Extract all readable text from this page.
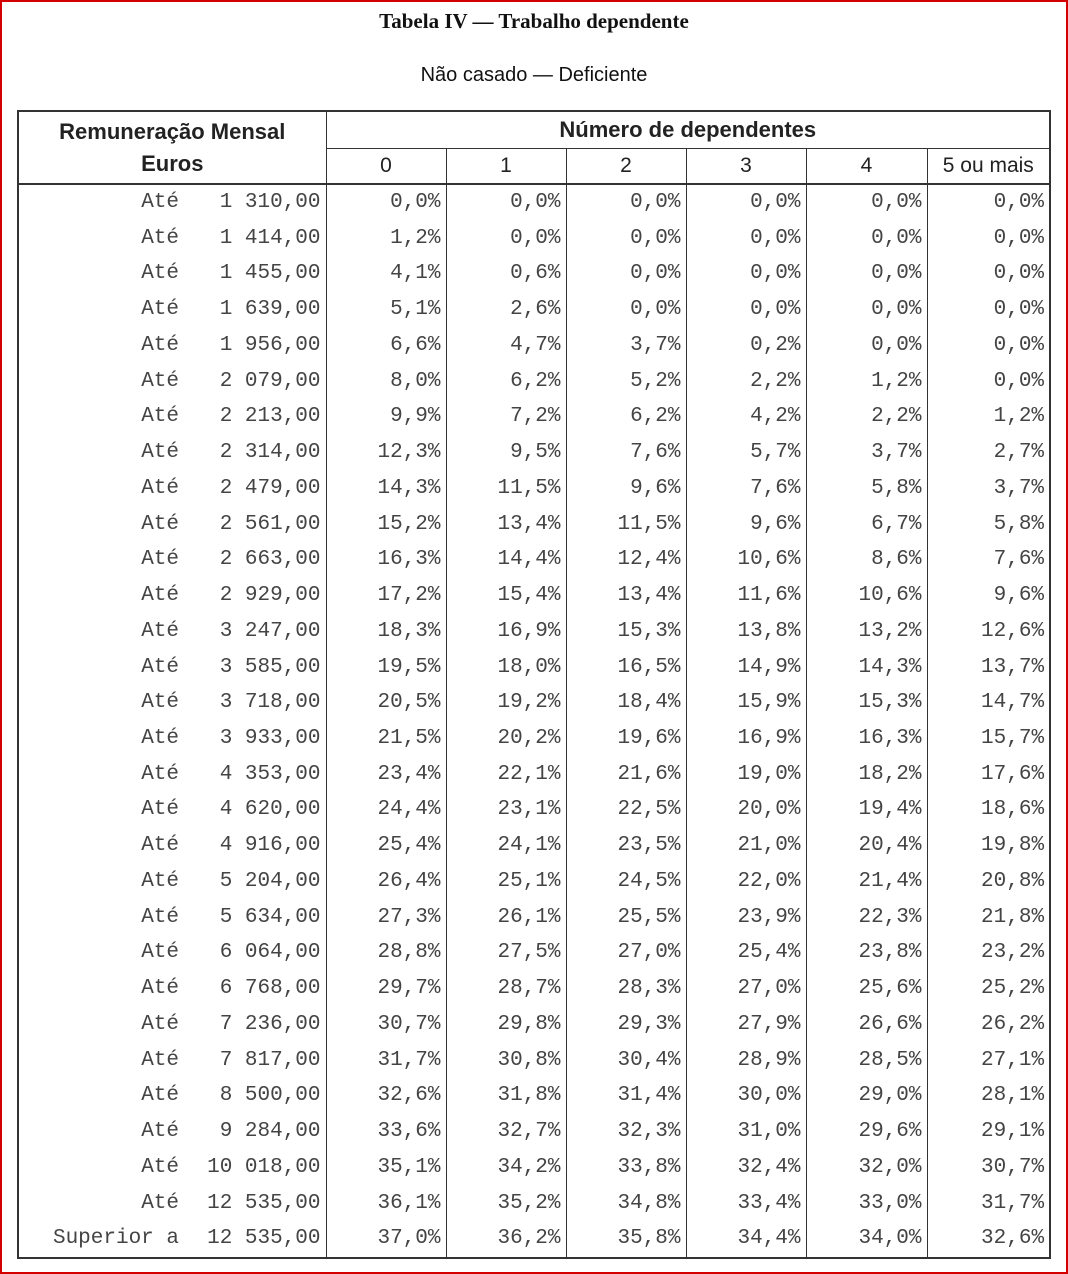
Tabela IV — Trabalho dependente
Não casado — Deficiente
Remuneração Mensal
Euros		Número de dependentes					
		0	1	2	3	4	5 ou mais
Até	1 310,00	0,0%	0,0%	0,0%	0,0%	0,0%	0,0%
Até	1 414,00	1,2%	0,0%	0,0%	0,0%	0,0%	0,0%
Até	1 455,00	4,1%	0,6%	0,0%	0,0%	0,0%	0,0%
Até	1 639,00	5,1%	2,6%	0,0%	0,0%	0,0%	0,0%
Até	1 956,00	6,6%	4,7%	3,7%	0,2%	0,0%	0,0%
Até	2 079,00	8,0%	6,2%	5,2%	2,2%	1,2%	0,0%
Até	2 213,00	9,9%	7,2%	6,2%	4,2%	2,2%	1,2%
Até	2 314,00	12,3%	9,5%	7,6%	5,7%	3,7%	2,7%
Até	2 479,00	14,3%	11,5%	9,6%	7,6%	5,8%	3,7%
Até	2 561,00	15,2%	13,4%	11,5%	9,6%	6,7%	5,8%
Até	2 663,00	16,3%	14,4%	12,4%	10,6%	8,6%	7,6%
Até	2 929,00	17,2%	15,4%	13,4%	11,6%	10,6%	9,6%
Até	3 247,00	18,3%	16,9%	15,3%	13,8%	13,2%	12,6%
Até	3 585,00	19,5%	18,0%	16,5%	14,9%	14,3%	13,7%
Até	3 718,00	20,5%	19,2%	18,4%	15,9%	15,3%	14,7%
Até	3 933,00	21,5%	20,2%	19,6%	16,9%	16,3%	15,7%
Até	4 353,00	23,4%	22,1%	21,6%	19,0%	18,2%	17,6%
Até	4 620,00	24,4%	23,1%	22,5%	20,0%	19,4%	18,6%
Até	4 916,00	25,4%	24,1%	23,5%	21,0%	20,4%	19,8%
Até	5 204,00	26,4%	25,1%	24,5%	22,0%	21,4%	20,8%
Até	5 634,00	27,3%	26,1%	25,5%	23,9%	22,3%	21,8%
Até	6 064,00	28,8%	27,5%	27,0%	25,4%	23,8%	23,2%
Até	6 768,00	29,7%	28,7%	28,3%	27,0%	25,6%	25,2%
Até	7 236,00	30,7%	29,8%	29,3%	27,9%	26,6%	26,2%
Até	7 817,00	31,7%	30,8%	30,4%	28,9%	28,5%	27,1%
Até	8 500,00	32,6%	31,8%	31,4%	30,0%	29,0%	28,1%
Até	9 284,00	33,6%	32,7%	32,3%	31,0%	29,6%	29,1%
Até	10 018,00	35,1%	34,2%	33,8%	32,4%	32,0%	30,7%
Até	12 535,00	36,1%	35,2%	34,8%	33,4%	33,0%	31,7%
Superior a	12 535,00	37,0%	36,2%	35,8%	34,4%	34,0%	32,6%
